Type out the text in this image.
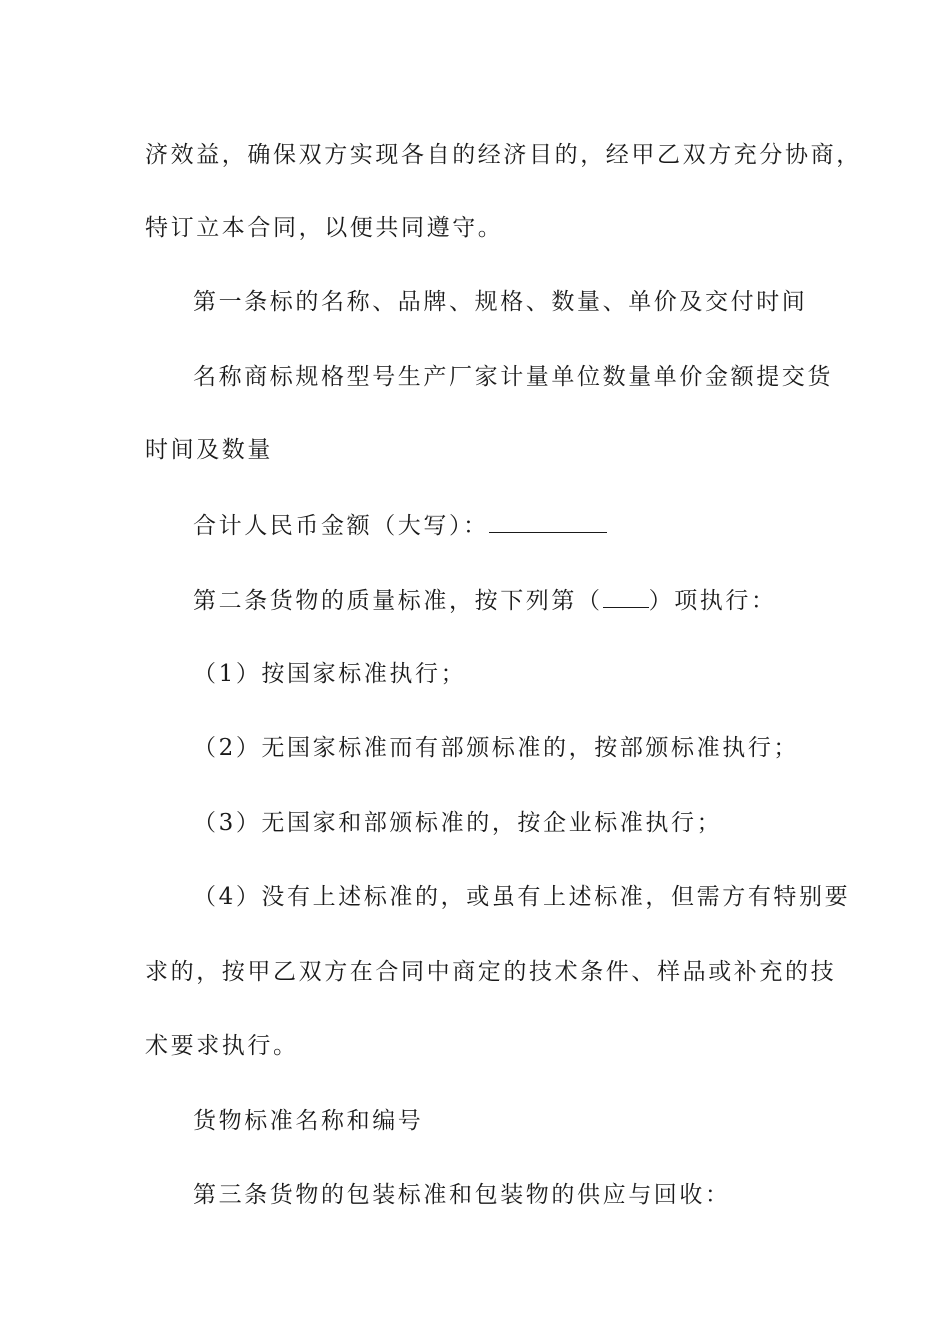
济效益，确保双方实现各自的经济目的，经甲乙双方充分协商，
特订立本合同，以便共同遵守。
第一条标的名称、品牌、规格、数量、单价及交付时间
名称商标规格型号生产厂家计量单位数量单价金额提交货
时间及数量
合计人民币金额（大写）：
第二条货物的质量标准，按下列第（ ）项执行：
（1）按国家标准执行；
（2）无国家标准而有部颁标准的，按部颁标准执行；
（3）无国家和部颁标准的，按企业标准执行；
（4）没有上述标准的，或虽有上述标准，但需方有特别要
求的，按甲乙双方在合同中商定的技术条件、样品或补充的技
术要求执行。
货物标准名称和编号
第三条货物的包装标准和包装物的供应与回收：
